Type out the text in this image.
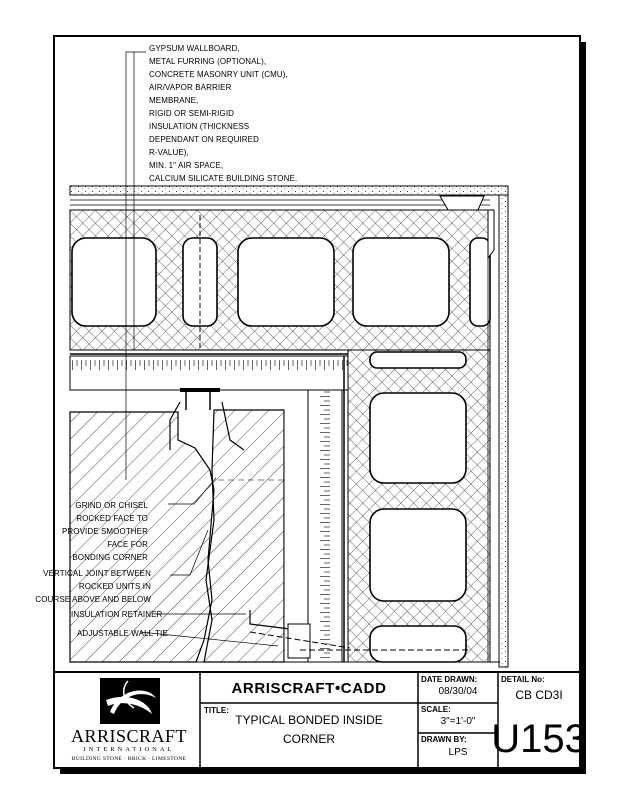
GYPSUM WALLBOARD,
METAL FURRING (OPTIONAL),
CONCRETE MASONRY UNIT (CMU),
AIR/VAPOR BARRIER
MEMBRANE,
RIGID OR SEMI-RIGID
INSULATION (THICKNESS
DEPENDANT ON REQUIRED
R-VALUE),
MIN. 1" AIR SPACE,
CALCIUM SILICATE BUILDING STONE.
GRIND OR CHISEL
ROCKED FACE TO
PROVIDE SMOOTHER
FACE FOR
BONDING CORNER
VERTICAL JOINT BETWEEN
ROCKED UNITS IN
COURSE ABOVE AND BELOW
INSULATION RETAINER
ADJUSTABLE WALL TIE
ARRISCRAFT•CADD
TITLE:
TYPICAL BONDED INSIDE
CORNER
DATE DRAWN:
08/30/04
SCALE:
3"=1'-0"
DRAWN BY:
LPS
DETAIL No:
CB CD3I
U153
ARRISCRAFT
INTERNATIONAL
BUILDING STONE · BRICK · LIMESTONE
